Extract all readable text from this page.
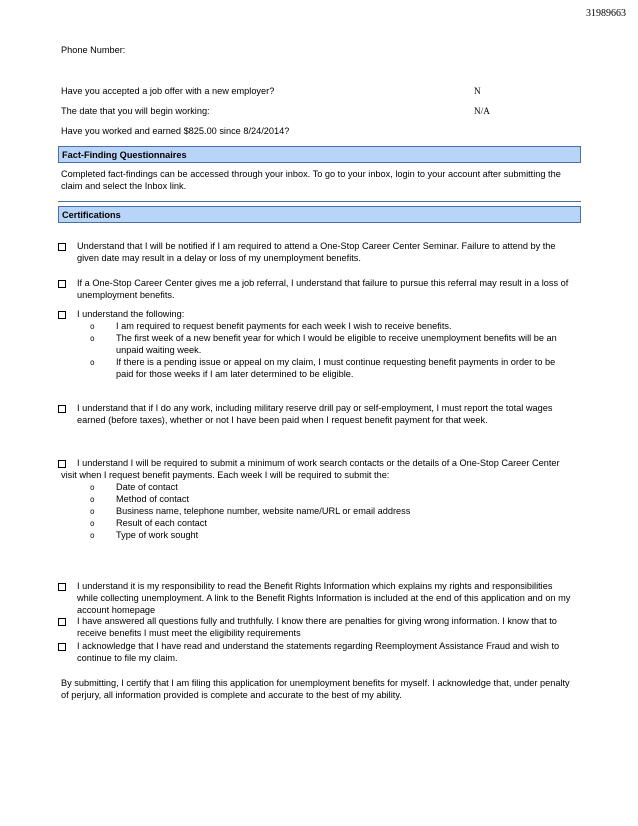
31989663
Phone Number:
Have you accepted a job offer with a new employer?	N
The date that you will begin working:	N/A
Have you worked and earned $825.00 since 8/24/2014?
Fact-Finding Questionnaires
Completed fact-findings can be accessed through your inbox. To go to your inbox, login to your account after submitting the claim and select the Inbox link.
Certifications
Understand that I will be notified if I am required to attend a One-Stop Career Center Seminar. Failure to attend by the given date may result in a delay or loss of my unemployment benefits.
If a One-Stop Career Center gives me a job referral, I understand that failure to pursue this referral may result in a loss of unemployment benefits.
I understand the following:
o I am required to request benefit payments for each week I wish to receive benefits.
o The first week of a new benefit year for which I would be eligible to receive unemployment benefits will be an unpaid waiting week.
o If there is a pending issue or appeal on my claim, I must continue requesting benefit payments in order to be paid for those weeks if I am later determined to be eligible.
I understand that if I do any work, including military reserve drill pay or self-employment, I must report the total wages earned (before taxes), whether or not I have been paid when I request benefit payment for that week.
I understand I will be required to submit a minimum of work search contacts or the details of a One-Stop Career Center visit when I request benefit payments. Each week I will be required to submit the:
o Date of contact
o Method of contact
o Business name, telephone number, website name/URL or email address
o Result of each contact
o Type of work sought
I understand it is my responsibility to read the Benefit Rights Information which explains my rights and responsibilities while collecting unemployment. A link to the Benefit Rights Information is included at the end of this application and on my account homepage
I have answered all questions fully and truthfully. I know there are penalties for giving wrong information. I know that to receive benefits I must meet the eligibility requirements
I acknowledge that I have read and understand the statements regarding Reemployment Assistance Fraud and wish to continue to file my claim.
By submitting, I certify that I am filing this application for unemployment benefits for myself. I acknowledge that, under penalty of perjury, all information provided is complete and accurate to the best of my ability.
